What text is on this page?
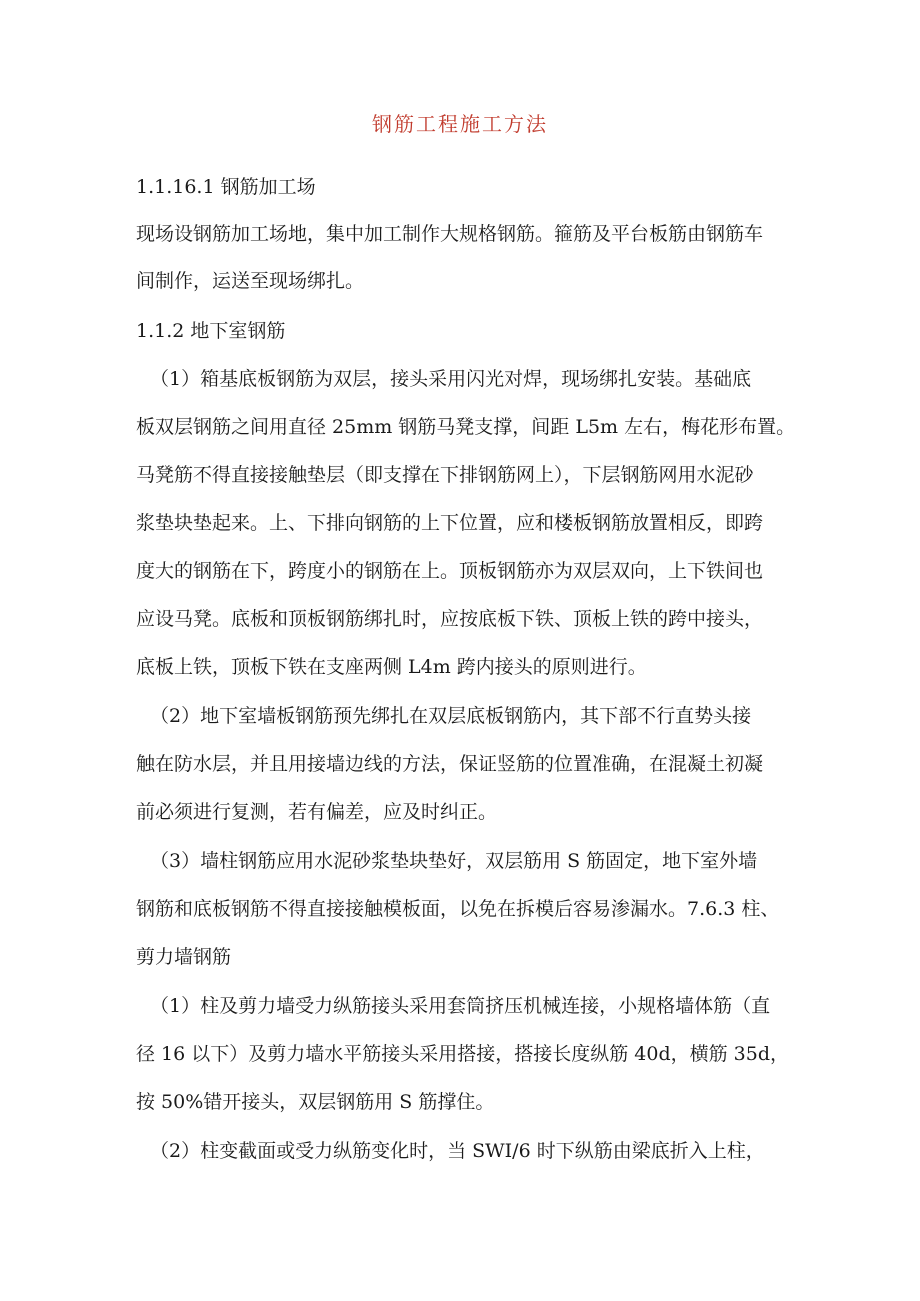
钢筋工程施工方法
1.1.16.1 钢筋加工场
现场设钢筋加工场地，集中加工制作大规格钢筋。箍筋及平台板筋由钢筋车
间制作，运送至现场绑扎。
1.1.2 地下室钢筋
（1）箱基底板钢筋为双层，接头采用闪光对焊，现场绑扎安装。基础底
板双层钢筋之间用直径 25mm 钢筋马凳支撑，间距 L5m 左右，梅花形布置。
马凳筋不得直接接触垫层（即支撑在下排钢筋网上），下层钢筋网用水泥砂
浆垫块垫起来。上、下排向钢筋的上下位置，应和楼板钢筋放置相反，即跨
度大的钢筋在下，跨度小的钢筋在上。顶板钢筋亦为双层双向，上下铁间也
应设马凳。底板和顶板钢筋绑扎时，应按底板下铁、顶板上铁的跨中接头，
底板上铁，顶板下铁在支座两侧 L4m 跨内接头的原则进行。
（2）地下室墙板钢筋预先绑扎在双层底板钢筋内，其下部不行直势头接
触在防水层，并且用接墙边线的方法，保证竖筋的位置准确，在混凝土初凝
前必须进行复测，若有偏差，应及时纠正。
（3）墙柱钢筋应用水泥砂浆垫块垫好，双层筋用 S 筋固定，地下室外墙
钢筋和底板钢筋不得直接接触模板面，以免在拆模后容易渗漏水。7.6.3 柱、
剪力墙钢筋
（1）柱及剪力墙受力纵筋接头采用套筒挤压机械连接，小规格墙体筋（直
径 16 以下）及剪力墙水平筋接头采用搭接，搭接长度纵筋 40d，横筋 35d，
按 50%错开接头，双层钢筋用 S 筋撑住。
（2）柱变截面或受力纵筋变化时，当 SWI/6 时下纵筋由梁底折入上柱，
